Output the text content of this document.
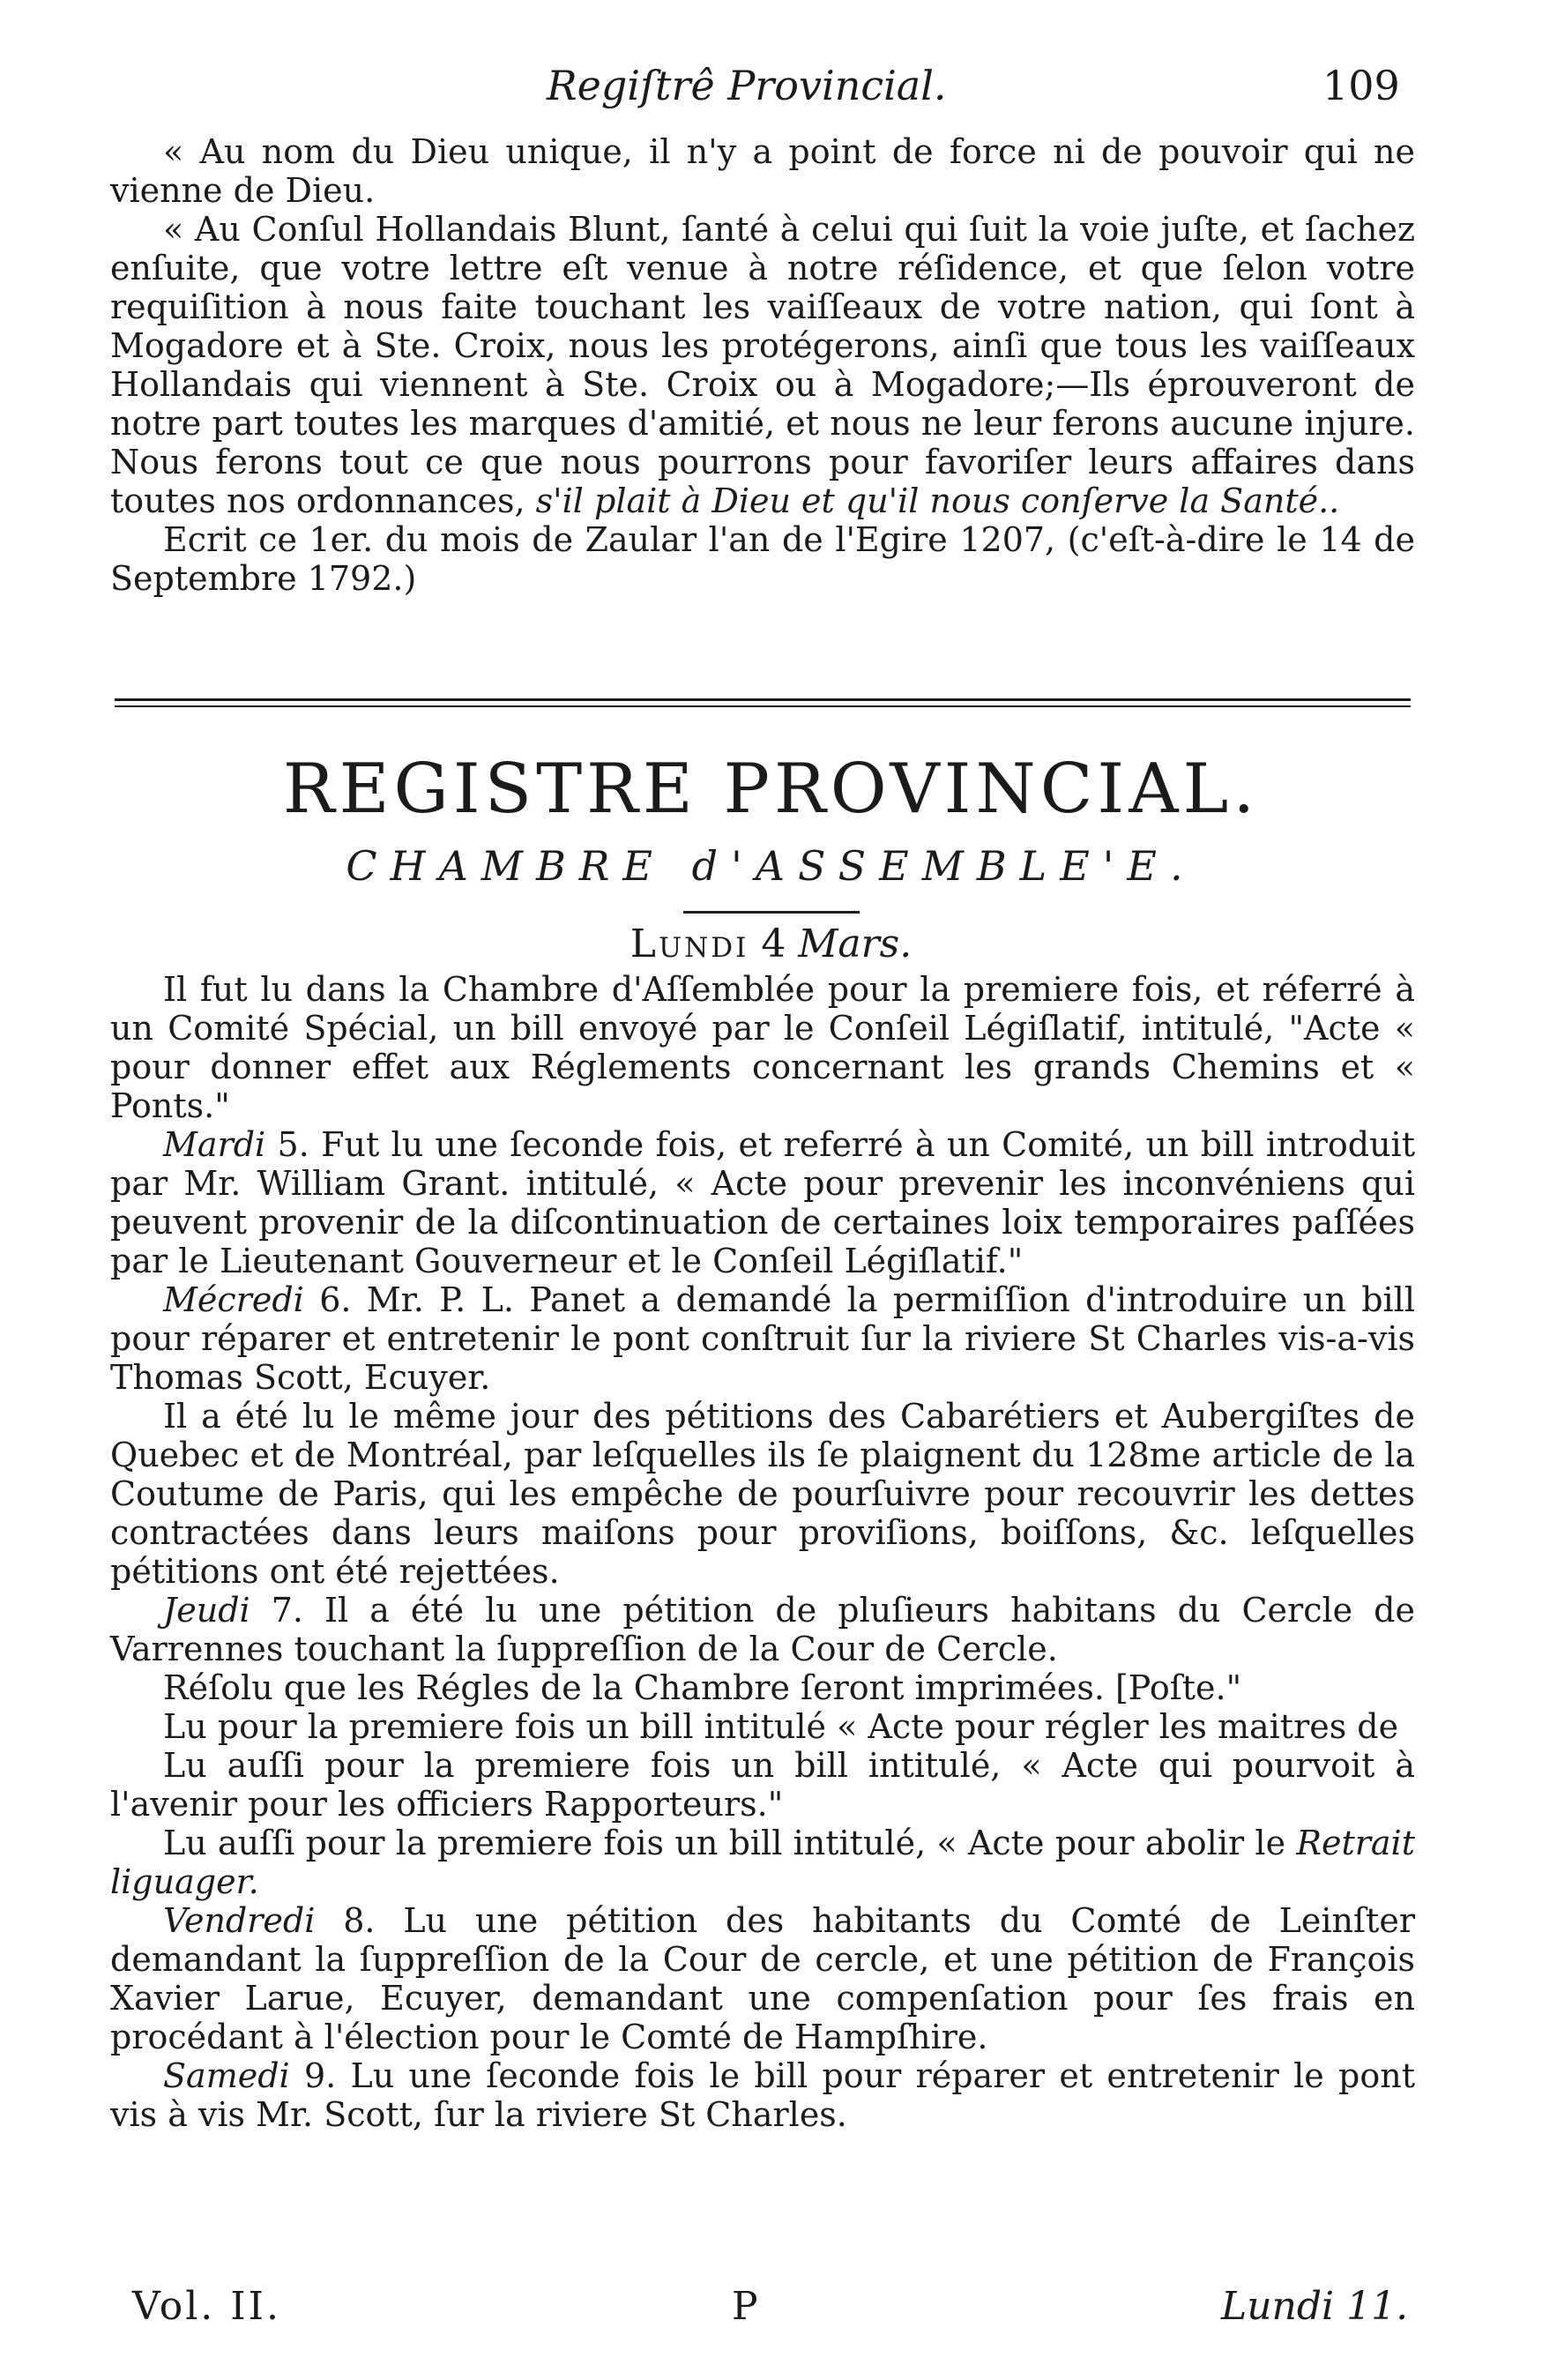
Regiſtrê Provincial.	109

« Au nom du Dieu unique, il n'y a point de force ni de pouvoir qui ne vienne de Dieu.

« Au Conſul Hollandais Blunt, ſanté à celui qui ſuit la voie juſte, et ſachez enſuite, que votre lettre eſt venue à notre réſidence, et que ſelon votre requiſition à nous faite touchant les vaiſſeaux de votre nation, qui ſont à Mogadore et à Ste. Croix, nous les protégerons, ainſi que tous les vaiſſeaux Hollandais qui viennent à Ste. Croix ou à Mogadore;—Ils éprouveront de notre part toutes les marques d'amitié, et nous ne leur ferons aucune injure. Nous ferons tout ce que nous pourrons pour favoriſer leurs affaires dans toutes nos ordonnances, s'il plait à Dieu et qu'il nous conſerve la Santé..

Ecrit ce 1er. du mois de Zaular l'an de l'Egire 1207, (c'eſt-à-dire le 14 de Septembre 1792.)

REGISTRE PROVINCIAL.
CHAMBRE d'ASSEMBLE'E.
Lundi 4 Mars.

Il fut lu dans la Chambre d'Aſſemblée pour la premiere fois, et réferré à un Comité Spécial, un bill envoyé par le Conſeil Légiſlatif, intitulé, "Acte « pour donner effet aux Réglements concernant les grands Chemins et « Ponts."

Mardi 5. Fut lu une ſeconde fois, et referré à un Comité, un bill introduit par Mr. William Grant. intitulé, « Acte pour prevenir les inconvéniens qui peuvent provenir de la diſcontinuation de certaines loix temporaires paſſées par le Lieutenant Gouverneur et le Conſeil Légiſlatif."

Mécredi 6. Mr. P. L. Panet a demandé la permiſſion d'introduire un bill pour réparer et entretenir le pont conſtruit ſur la riviere St Charles vis-a-vis Thomas Scott, Ecuyer.

Il a été lu le même jour des pétitions des Cabarétiers et Aubergiſtes de Quebec et de Montréal, par leſquelles ils ſe plaignent du 128me article de la Coutume de Paris, qui les empêche de pourſuivre pour recouvrir les dettes contractées dans leurs maiſons pour proviſions, boiſſons, &c. leſquelles pétitions ont été rejettées.

Jeudi 7. Il a été lu une pétition de pluſieurs habitans du Cercle de Varrennes touchant la ſuppreſſion de la Cour de Cercle.

Réſolu que les Régles de la Chambre ſeront imprimées. [Poſte."

Lu pour la premiere fois un bill intitulé « Acte pour régler les maitres de

Lu auſſi pour la premiere fois un bill intitulé, « Acte qui pourvoit à l'avenir pour les officiers Rapporteurs."

Lu auſſi pour la premiere fois un bill intitulé, « Acte pour abolir le Retrait liguager.

Vendredi 8. Lu une pétition des habitants du Comté de Leinſter demandant la ſuppreſſion de la Cour de cercle, et une pétition de François Xavier Larue, Ecuyer, demandant une compenſation pour ſes frais en procédant à l'élection pour le Comté de Hampſhire.

Samedi 9. Lu une ſeconde fois le bill pour réparer et entretenir le pont vis à vis Mr. Scott, ſur la riviere St Charles.

Vol. II.	P	Lundi 11.
